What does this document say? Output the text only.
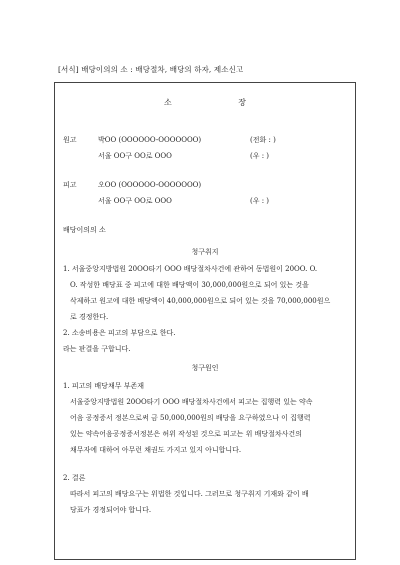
[서식] 배당이의의 소 : 배당절차, 배당의 하자, 제소신고
소 장
원고	박OO (OOOOOO-OOOOOOO)	(전화 : )
서울 OO구 OO로 OOO	(우 : )
피고	오OO (OOOOOO-OOOOOOO)
서울 OO구 OO로 OOO	(우 : )
배당이의의 소
청구취지
1. 서울중앙지방법원 20OO타기 OOO 배당절차사건에 관하여 동법원이 20OO. O.
O. 작성한 배당표 중 피고에 대한 배당액이 30,000,000원으로 되어 있는 것을
삭제하고 원고에 대한 배당액이 40,000,000원으로 되어 있는 것을 70,000,000원으
로 경정한다.
2. 소송비용은 피고의 부담으로 한다.
라는 판결을 구합니다.
청구원인
1. 피고의 배당채무 부존재
서울중앙지방법원 20OO타기 OOO 배당절차사건에서 피고는 집행력 있는 약속
어음 공정증서 정본으로써 금 50,000,000원의 배당을 요구하였으나 이 집행력
있는 약속어음공정증서정본은 허위 작성된 것으로 피고는 위 배당절차사건의
채무자에 대하여 아무런 채권도 가지고 있지 아니합니다.
2. 결론
따라서 피고의 배당요구는 위법한 것입니다. 그러므로 청구취지 기재와 같이 배
당표가 경정되어야 합니다.
